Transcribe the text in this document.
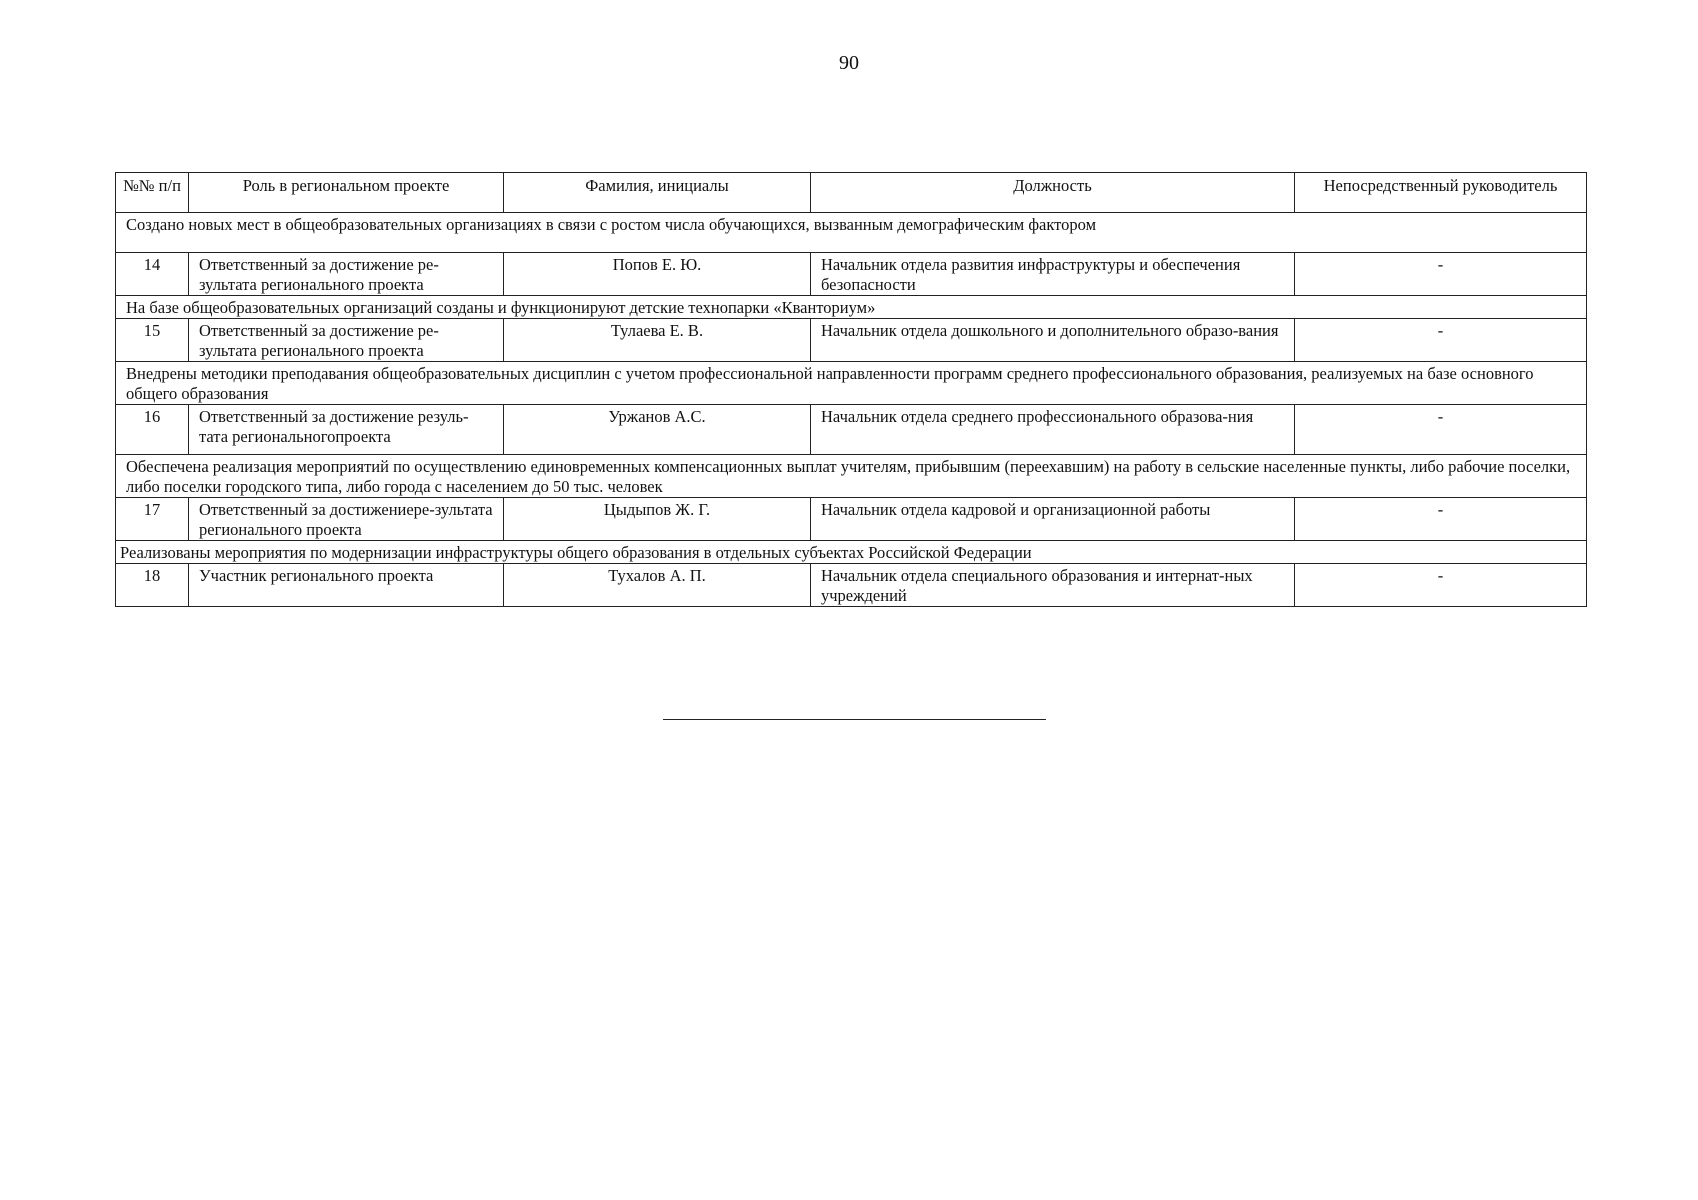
90
№№ п/п	Роль в региональном проекте	Фамилия, инициалы	Должность	Непосредственный руководитель
Создано новых мест в общеобразовательных организациях в связи с ростом числа обучающихся, вызванным демографическим фактором				
14	Ответственный за достижение ре-зультата регионального проекта	Попов Е. Ю.	Начальник отдела развития инфраструктуры и обеспечения безопасности	-
На базе общеобразовательных организаций созданы и функционируют детские технопарки «Кванториум»				
15	Ответственный за достижение ре-зультата регионального проекта	Тулаева Е. В.	Начальник отдела дошкольного и дополнительного образо-вания	-
Внедрены методики преподавания общеобразовательных дисциплин с учетом профессиональной направленности программ среднего профессионального образования, реализуемых на базе основного общего образования				
16	Ответственный за достижение резуль-тата региональногопроекта	Уржанов А.С.	Начальник отдела среднего профессионального образова-ния	-
Обеспечена реализация мероприятий по осуществлению единовременных компенсационных выплат учителям, прибывшим (переехавшим) на работу в сельские населенные пункты, либо рабочие поселки, либо поселки городского типа, либо города с населением до 50 тыс. человек				
17	Ответственный за достижениере-зультата регионального проекта	Цыдыпов Ж. Г.	Начальник отдела кадровой и организационной работы	-
Реализованы мероприятия по модернизации инфраструктуры общего образования в отдельных субъектах Российской Федерации				
18	Участник регионального проекта	Тухалов А. П.	Начальник отдела специального образования и интернат-ных учреждений	-
